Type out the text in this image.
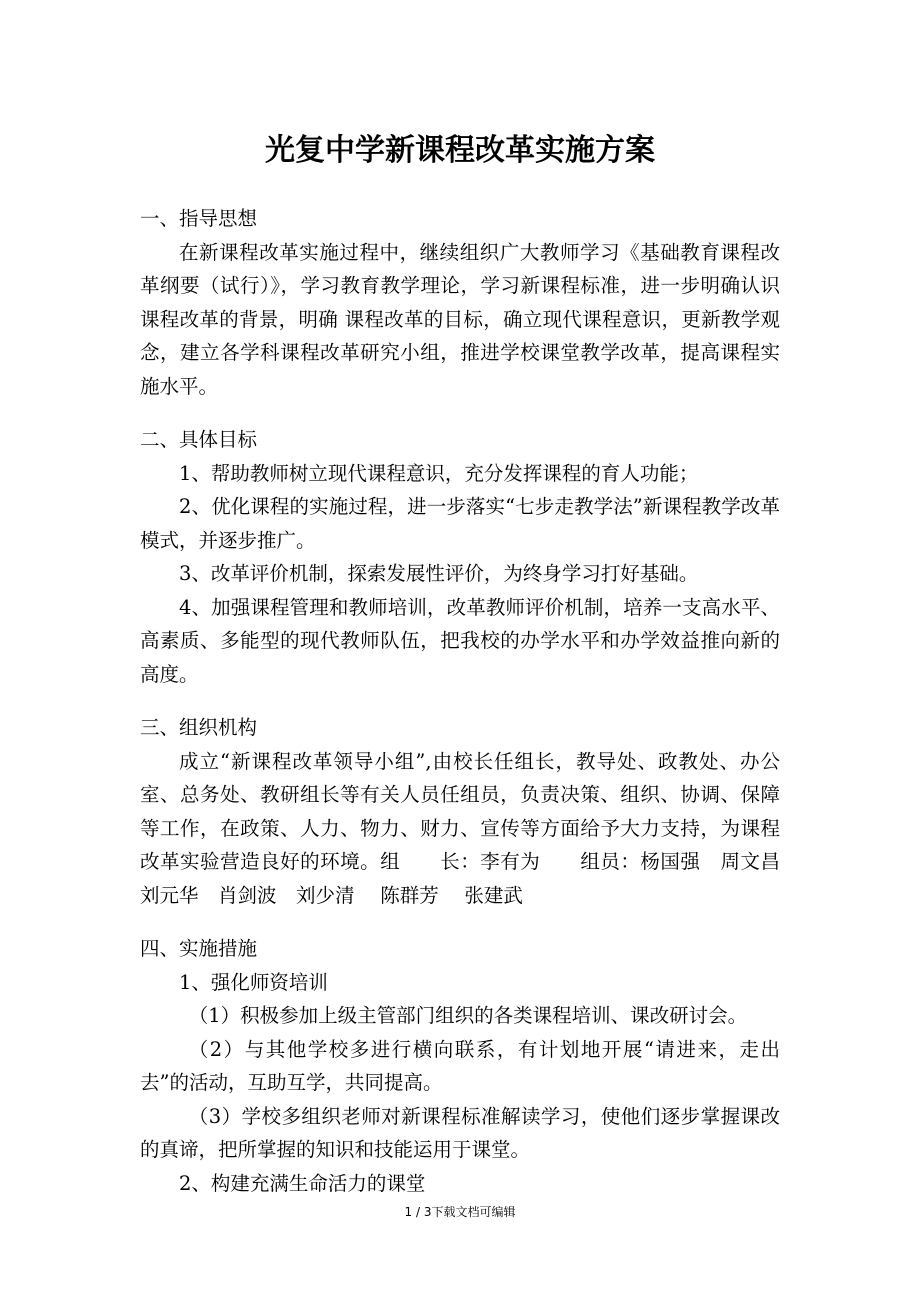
光复中学新课程改革实施方案

一、指导思想

在新课程改革实施过程中，继续组织广大教师学习《基础教育课程改革纲要（试行）》，学习教育教学理论，学习新课程标准，进一步明确认识课程改革的背景，明确 课程改革的目标，确立现代课程意识，更新教学观念，建立各学科课程改革研究小组，推进学校课堂教学改革，提高课程实施水平。

二、具体目标

1、帮助教师树立现代课程意识，充分发挥课程的育人功能；

2、优化课程的实施过程，进一步落实“七步走教学法”新课程教学改革模式，并逐步推广。

3、改革评价机制，探索发展性评价，为终身学习打好基础。

4、加强课程管理和教师培训，改革教师评价机制，培养一支高水平、高素质、多能型的现代教师队伍，把我校的办学水平和办学效益推向新的高度。

三、组织机构

成立“新课程改革领导小组”,由校长任组长，教导处、政教处、办公室、总务处、教研组长等有关人员任组员，负责决策、组织、协调、保障等工作，在政策、人力、物力、财力、宣传等方面给予大力支持，为课程改革实验营造良好的环境。组　　长：李有为　　组员：杨国强　周文昌　刘元华　肖剑波　刘少清　 陈群芳　 张建武

四、实施措施

1、强化师资培训

（1）积极参加上级主管部门组织的各类课程培训、课改研讨会。

（2）与其他学校多进行横向联系，有计划地开展“请进来，走出去”的活动，互助互学，共同提高。

（3）学校多组织老师对新课程标准解读学习，使他们逐步掌握课改的真谛，把所掌握的知识和技能运用于课堂。

2、构建充满生命活力的课堂

1 / 3下载文档可编辑
